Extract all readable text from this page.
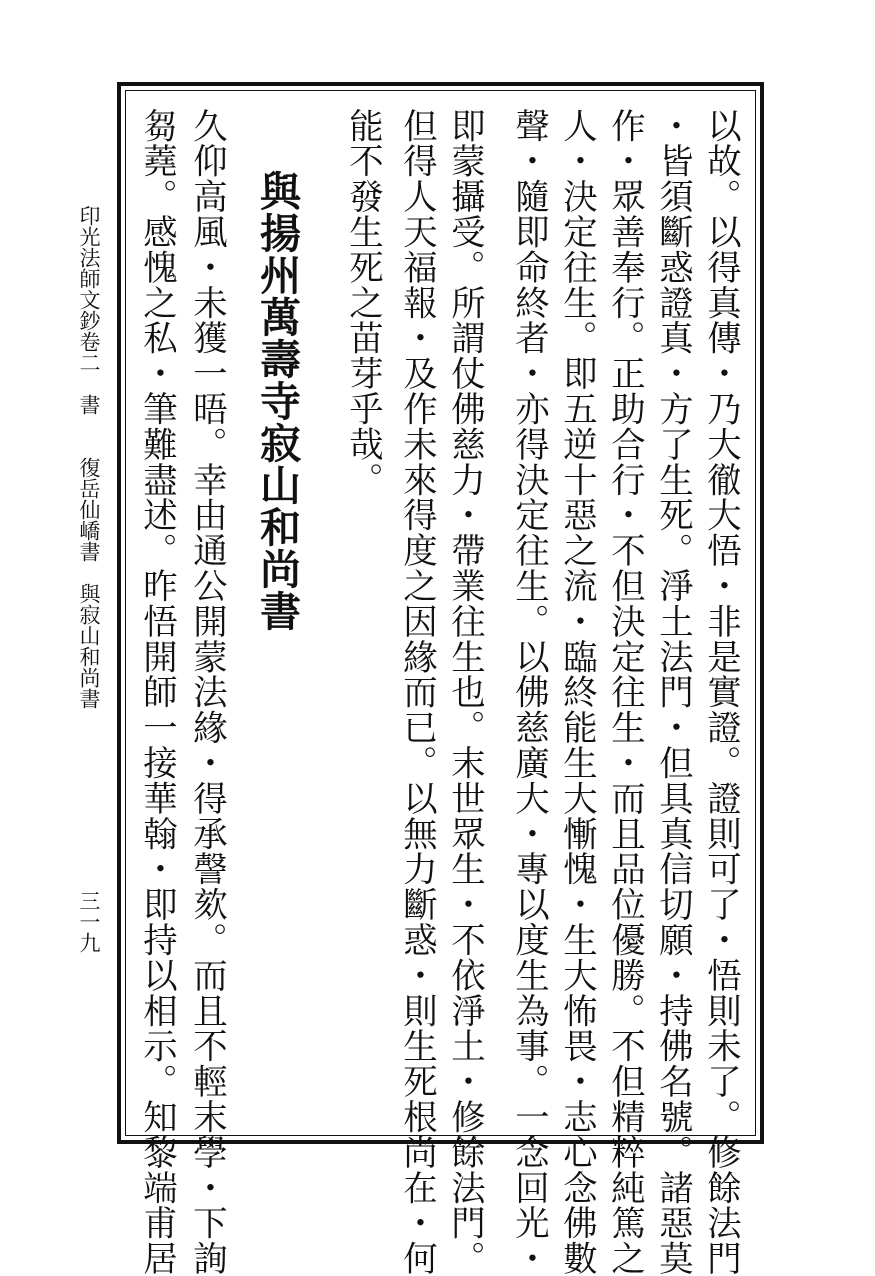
印光法師文鈔卷二　書　　復岳仙嶠書　與寂山和尚書
三一九	以故。以得真傳・乃大徹大悟・非是實證。證則可了・悟則未了。修餘法門
・皆須斷惑證真・方了生死。淨土法門・但具真信切願・持佛名號。諸惡莫
作・眾善奉行。正助合行・不但決定往生・而且品位優勝。不但精粹純篤之
人・決定往生。即五逆十惡之流・臨終能生大慚愧・生大怖畏・志心念佛數
聲・隨即命終者・亦得決定往生。以佛慈廣大・專以度生為事。一念回光・
即蒙攝受。所謂仗佛慈力・帶業往生也。末世眾生・不依淨土・修餘法門。
但得人天福報・及作未來得度之因緣而已。以無力斷惑・則生死根尚在・何
能不發生死之苗芽乎哉。
與揚州萬壽寺寂山和尚書
久仰高風・未獲一晤。幸由通公開蒙法緣・得承謦欬。而且不輕末學・下詢
芻蕘。感愧之私・筆難盡述。昨悟開師一接華翰・即持以相示。知黎端甫居
